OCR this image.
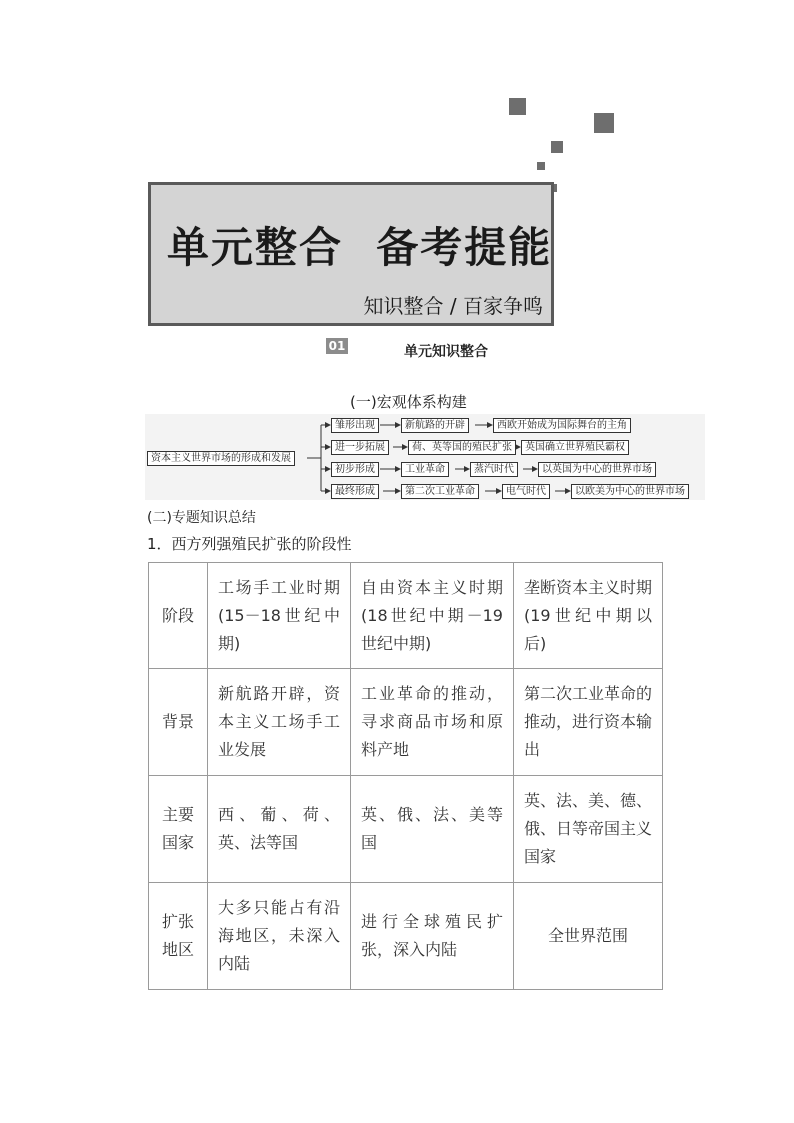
单元整合  备考提能
知识整合 / 百家争鸣
01	单元知识整合
(一)宏观体系构建
资本主义世界市场的形成和发展
雏形出现	新航路的开辟	西欧开始成为国际舞台的主角
进一步拓展	荷、英等国的殖民扩张	英国确立世界殖民霸权
初步形成	工业革命	蒸汽时代	以英国为中心的世界市场
最终形成	第二次工业革命	电气时代	以欧美为中心的世界市场
(二)专题知识总结
1．西方列强殖民扩张的阶段性
阶段	工场手工业时期(15－18世纪中期)	自由资本主义时期(18世纪中期－19世纪中期)	垄断资本主义时期(19世纪中期以后)
背景	新航路开辟，资本主义工场手工业发展	工业革命的推动，寻求商品市场和原料产地	第二次工业革命的推动，进行资本输出
主要国家	西、葡、荷、英、法等国	英、俄、法、美等国	英、法、美、德、俄、日等帝国主义国家
扩张地区	大多只能占有沿海地区，未深入内陆	进行全球殖民扩张，深入内陆	全世界范围
